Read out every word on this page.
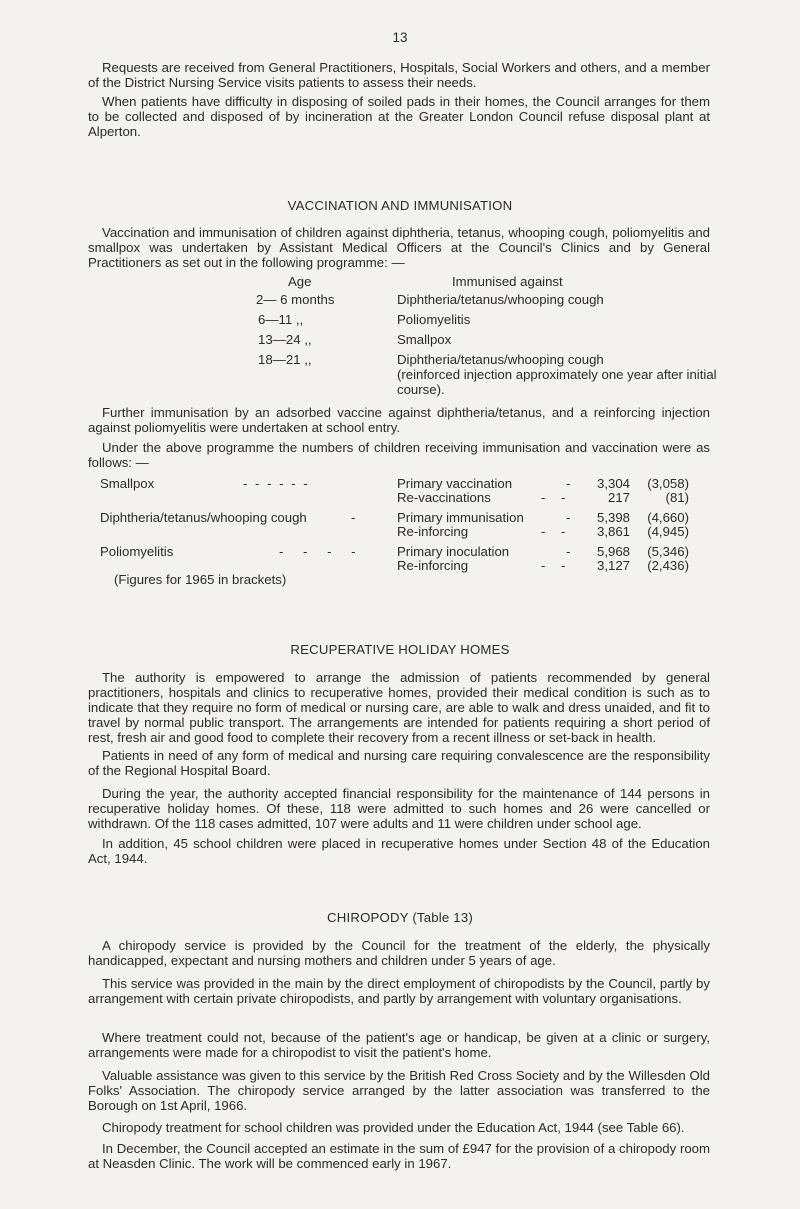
13
Requests are received from General Practitioners, Hospitals, Social Workers and others, and a member of the District Nursing Service visits patients to assess their needs.
When patients have difficulty in disposing of soiled pads in their homes, the Council arranges for them to be collected and disposed of by incineration at the Greater London Council refuse disposal plant at Alperton.
VACCINATION AND IMMUNISATION
Vaccination and immunisation of children against diphtheria, tetanus, whooping cough, poliomyelitis and smallpox was undertaken by Assistant Medical Officers at the Council's Clinics and by General Practitioners as set out in the following programme: —
Age	Immunised against
2— 6 months	Diphtheria/tetanus/whooping cough
6—11 ,,	Poliomyelitis
13—24 ,,	Smallpox
18—21 ,,	Diphtheria/tetanus/whooping cough
(reinforced injection approximately one year after initial course).
Further immunisation by an adsorbed vaccine against diphtheria/tetanus, and a reinforcing injection against poliomyelitis were undertaken at school entry.
Under the above programme the numbers of children receiving immunisation and vaccination were as follows: —
Smallpox	- - - - - -	Primary vaccination	-	3,304	(3,058)
Re-vaccinations	- -	217	(81)
Diphtheria/tetanus/whooping cough	-	Primary immunisation	-	5,398	(4,660)
Re-inforcing	- -	3,861	(4,945)
Poliomyelitis	- - - -	Primary inoculation	-	5,968	(5,346)
Re-inforcing	- -	3,127	(2,436)
(Figures for 1965 in brackets)
RECUPERATIVE HOLIDAY HOMES
The authority is empowered to arrange the admission of patients recommended by general practitioners, hospitals and clinics to recuperative homes, provided their medical condition is such as to indicate that they require no form of medical or nursing care, are able to walk and dress unaided, and fit to travel by normal public transport. The arrangements are intended for patients requiring a short period of rest, fresh air and good food to complete their recovery from a recent illness or set-back in health.
Patients in need of any form of medical and nursing care requiring convalescence are the responsibility of the Regional Hospital Board.
During the year, the authority accepted financial responsibility for the maintenance of 144 persons in recuperative holiday homes. Of these, 118 were admitted to such homes and 26 were cancelled or withdrawn. Of the 118 cases admitted, 107 were adults and 11 were children under school age.
In addition, 45 school children were placed in recuperative homes under Section 48 of the Education Act, 1944.
CHIROPODY (Table 13)
A chiropody service is provided by the Council for the treatment of the elderly, the physically handicapped, expectant and nursing mothers and children under 5 years of age.
This service was provided in the main by the direct employment of chiropodists by the Council, partly by arrangement with certain private chiropodists, and partly by arrangement with voluntary organisations.
Where treatment could not, because of the patient's age or handicap, be given at a clinic or surgery, arrangements were made for a chiropodist to visit the patient's home.
Valuable assistance was given to this service by the British Red Cross Society and by the Willesden Old Folks' Association. The chiropody service arranged by the latter association was transferred to the Borough on 1st April, 1966.
Chiropody treatment for school children was provided under the Education Act, 1944 (see Table 66).
In December, the Council accepted an estimate in the sum of £947 for the provision of a chiropody room at Neasden Clinic. The work will be commenced early in 1967.
